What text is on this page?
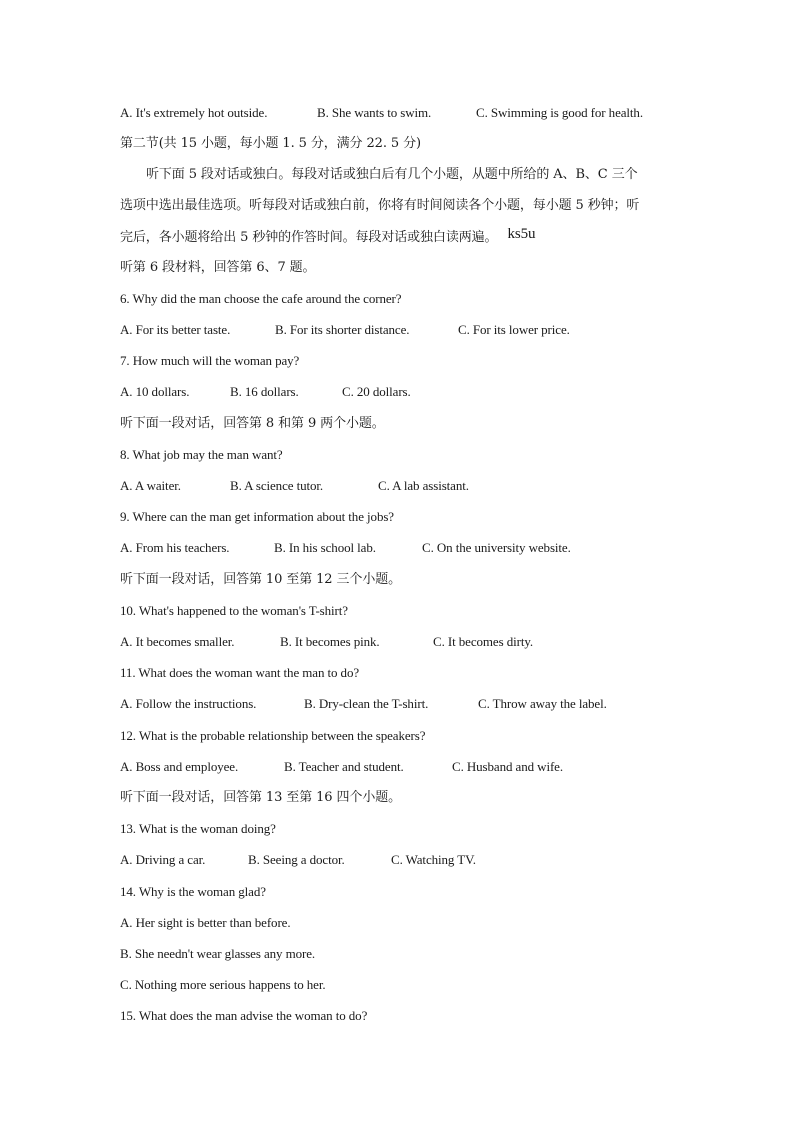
A. It's extremely hot outside.	B. She wants to swim.	C. Swimming is good for health.
第二节(共 15 小题，每小题 1. 5 分，满分 22. 5 分)
听下面 5 段对话或独白。每段对话或独白后有几个小题，从题中所给的 A、B、C 三个
选项中选出最佳选项。听每段对话或独白前，你将有时间阅读各个小题，每小题 5 秒钟；听
完后，各小题将给出 5 秒钟的作答时间。每段对话或独白读两遍。 ks5u
听第 6 段材料，回答第 6、7 题。
6. Why did the man choose the cafe around the corner?
A. For its better taste.	B. For its shorter distance.	C. For its lower price.
7. How much will the woman pay?
A. 10 dollars.	B. 16 dollars.	C. 20 dollars.
听下面一段对话，回答第 8 和第 9 两个小题。
8. What job may the man want?
A. A waiter.	B. A science tutor.	C. A lab assistant.
9. Where can the man get information about the jobs?
A. From his teachers.	B. In his school lab.	C. On the university website.
听下面一段对话，回答第 10 至第 12 三个小题。
10. What's happened to the woman's T-shirt?
A. It becomes smaller.	B. It becomes pink.	C. It becomes dirty.
11. What does the woman want the man to do?
A. Follow the instructions.	B. Dry-clean the T-shirt.	C. Throw away the label.
12. What is the probable relationship between the speakers?
A. Boss and employee.	B. Teacher and student.	C. Husband and wife.
听下面一段对话，回答第 13 至第 16 四个小题。
13. What is the woman doing?
A. Driving a car.	B. Seeing a doctor.	C. Watching TV.
14. Why is the woman glad?
A. Her sight is better than before.
B. She needn't wear glasses any more.
C. Nothing more serious happens to her.
15. What does the man advise the woman to do?
